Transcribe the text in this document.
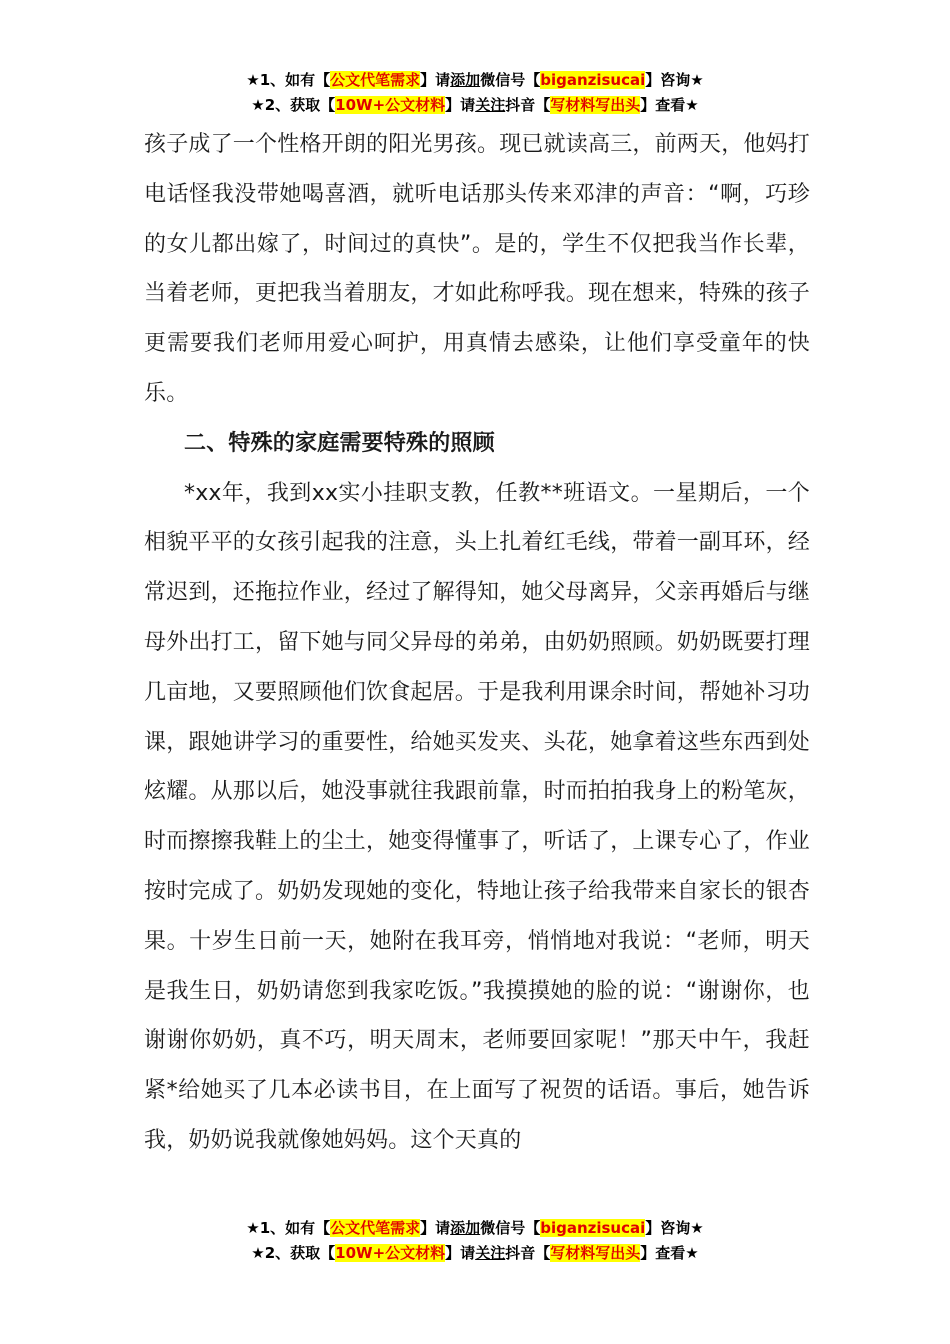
★1、如有【公文代笔需求】请添加微信号【biganzisucai】咨询★
★2、获取【10W+公文材料】请关注抖音【写材料写出头】查看★

孩子成了一个性格开朗的阳光男孩。现已就读高三，前两天，他妈打电话怪我没带她喝喜酒，就听电话那头传来邓津的声音：“啊，巧珍的女儿都出嫁了，时间过的真快”。是的，学生不仅把我当作长辈，当着老师，更把我当着朋友，才如此称呼我。现在想来，特殊的孩子更需要我们老师用爱心呵护，用真情去感染，让他们享受童年的快乐。

二、特殊的家庭需要特殊的照顾

*xx年，我到xx实小挂职支教，任教**班语文。一星期后，一个相貌平平的女孩引起我的注意，头上扎着红毛线，带着一副耳环，经常迟到，还拖拉作业，经过了解得知，她父母离异，父亲再婚后与继母外出打工，留下她与同父异母的弟弟，由奶奶照顾。奶奶既要打理几亩地，又要照顾他们饮食起居。于是我利用课余时间，帮她补习功课，跟她讲学习的重要性，给她买发夹、头花，她拿着这些东西到处炫耀。从那以后，她没事就往我跟前靠，时而拍拍我身上的粉笔灰，时而擦擦我鞋上的尘土，她变得懂事了，听话了，上课专心了，作业按时完成了。奶奶发现她的变化，特地让孩子给我带来自家长的银杏果。十岁生日前一天，她附在我耳旁，悄悄地对我说：“老师，明天是我生日，奶奶请您到我家吃饭。”我摸摸她的脸的说：“谢谢你，也谢谢你奶奶，真不巧，明天周末，老师要回家呢！”那天中午，我赶紧*给她买了几本必读书目，在上面写了祝贺的话语。事后，她告诉我，奶奶说我就像她妈妈。这个天真的

★1、如有【公文代笔需求】请添加微信号【biganzisucai】咨询★
★2、获取【10W+公文材料】请关注抖音【写材料写出头】查看★
